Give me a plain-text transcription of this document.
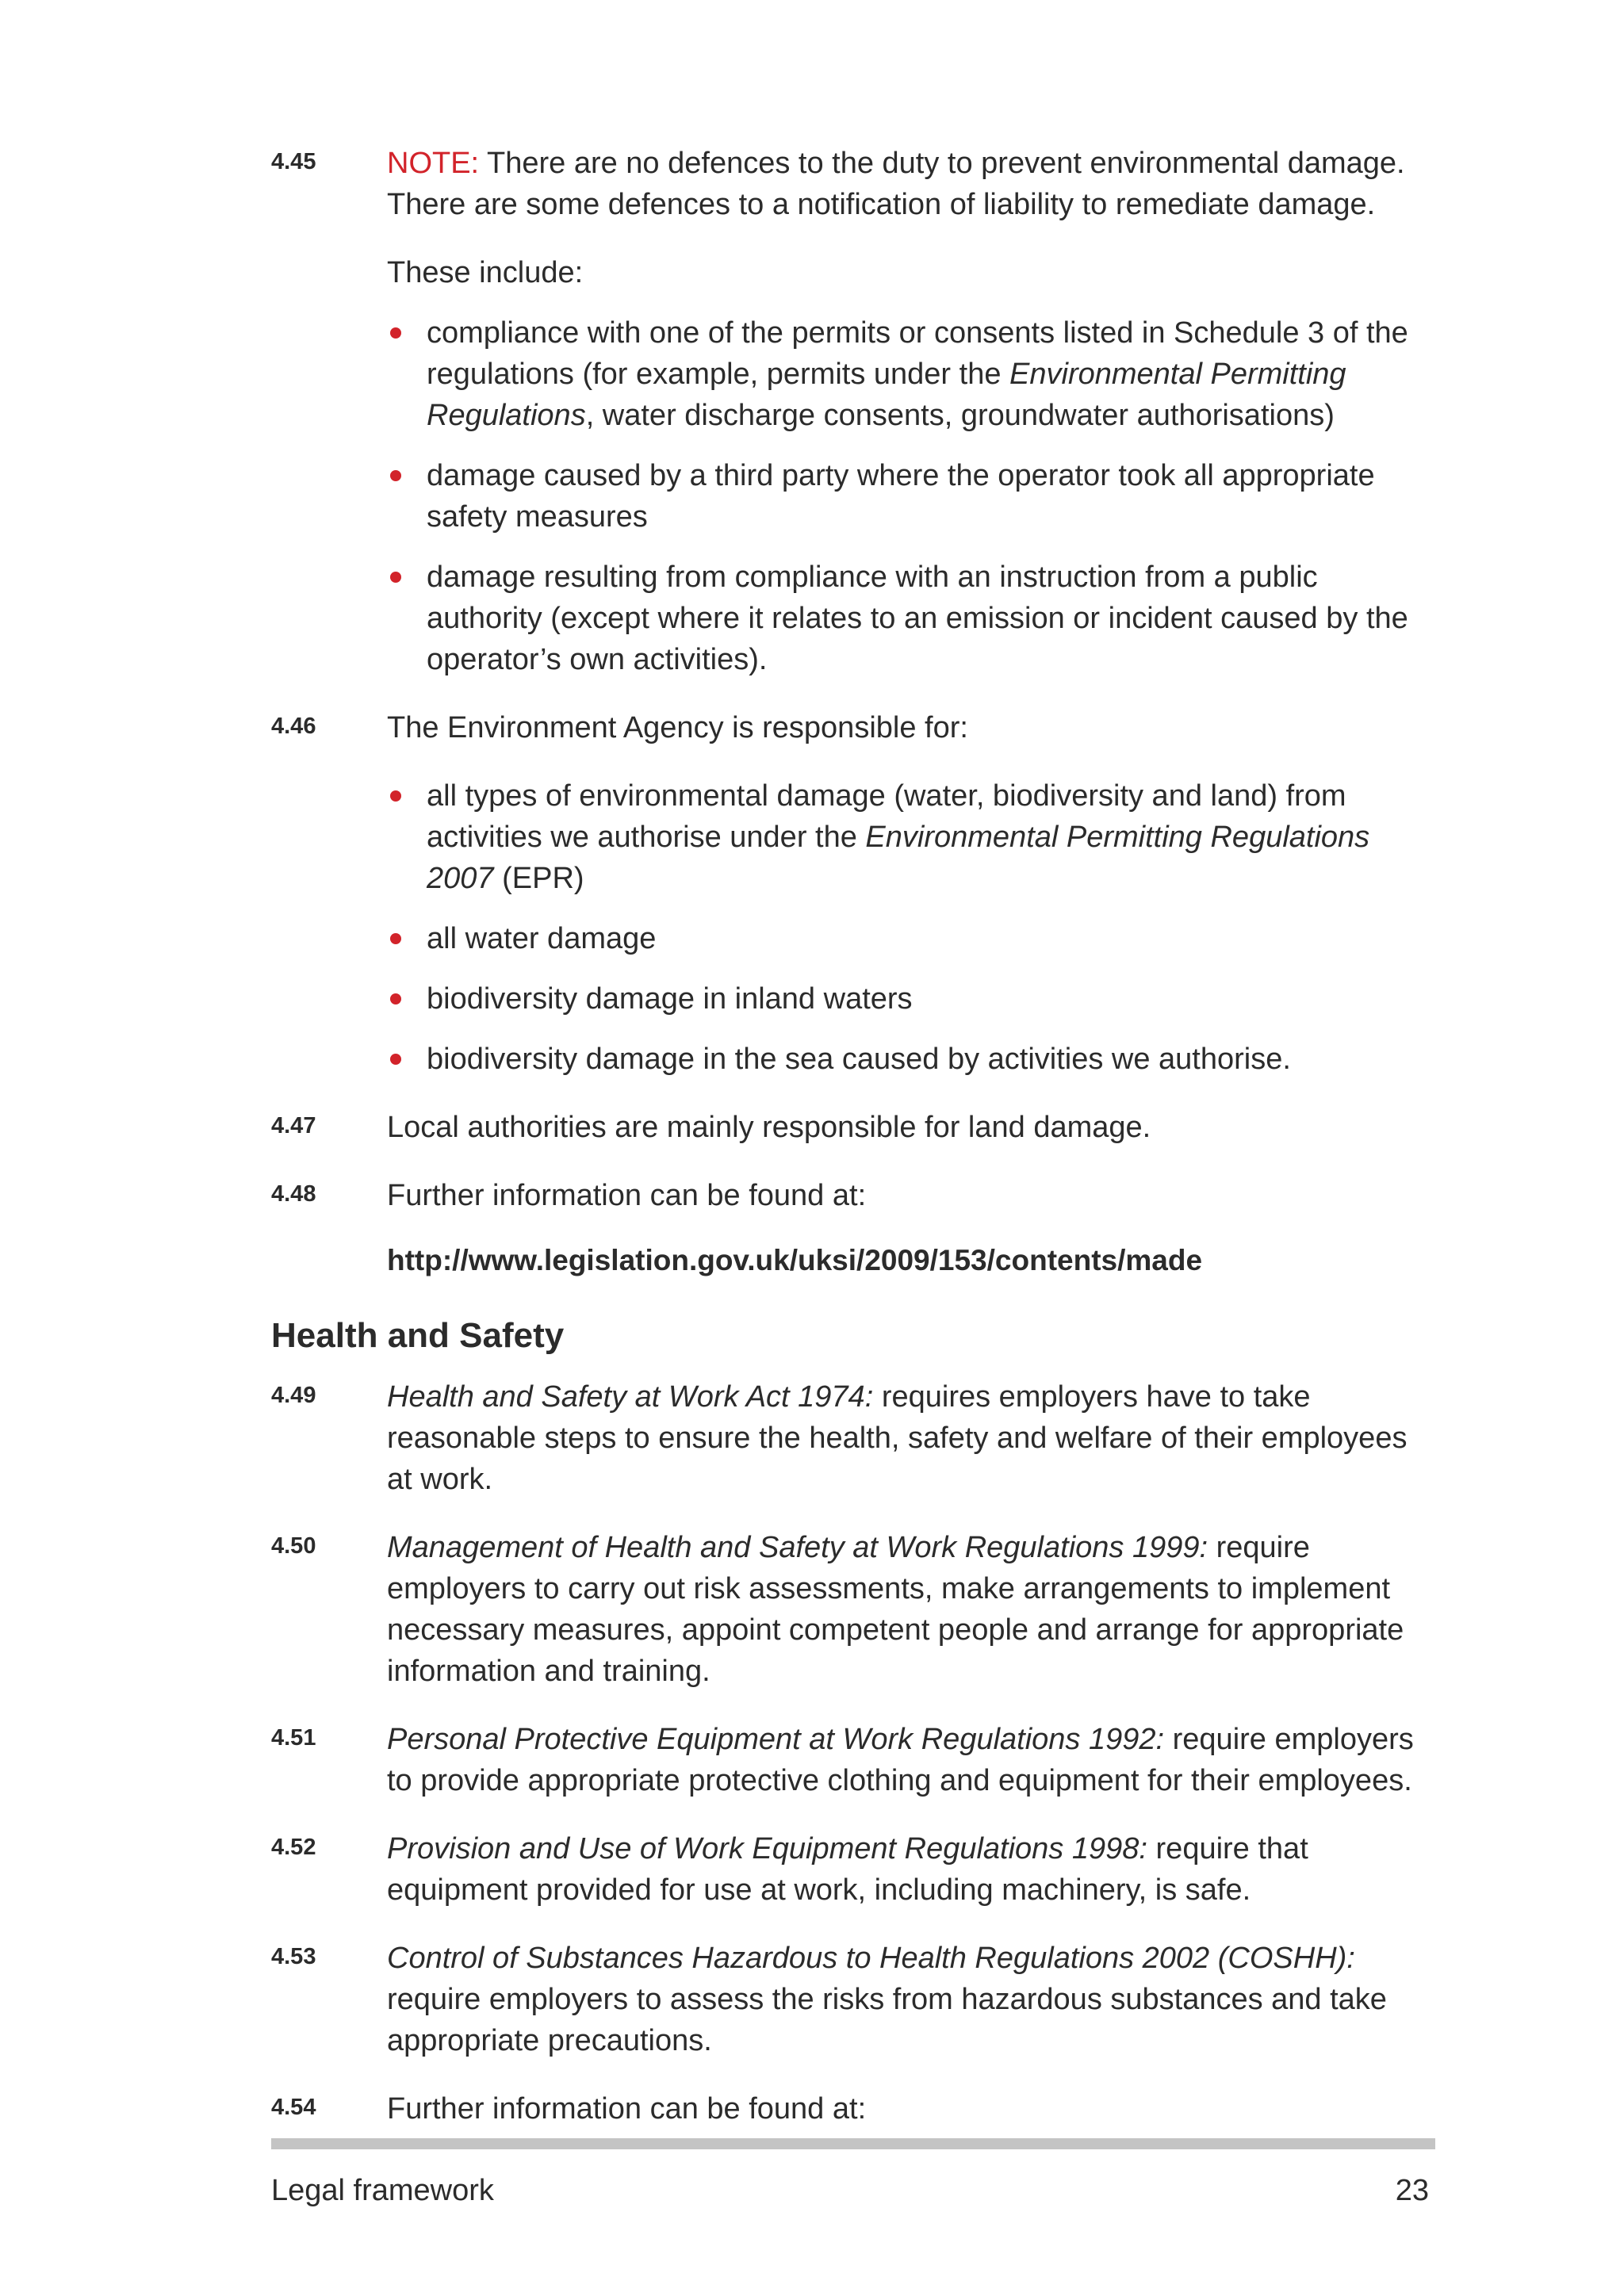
4.45	NOTE: There are no defences to the duty to prevent environmental damage. There are some defences to a notification of liability to remediate damage.
These include:
compliance with one of the permits or consents listed in Schedule 3 of the regulations (for example, permits under the Environmental Permitting Regulations, water discharge consents, groundwater authorisations)
damage caused by a third party where the operator took all appropriate safety measures
damage resulting from compliance with an instruction from a public authority (except where it relates to an emission or incident caused by the operator’s own activities).
4.46	The Environment Agency is responsible for:
all types of environmental damage (water, biodiversity and land) from activities we authorise under the Environmental Permitting Regulations 2007 (EPR)
all water damage
biodiversity damage in inland waters
biodiversity damage in the sea caused by activities we authorise.
4.47	Local authorities are mainly responsible for land damage.
4.48	Further information can be found at:
http://www.legislation.gov.uk/uksi/2009/153/contents/made
Health and Safety
4.49	Health and Safety at Work Act 1974: requires employers have to take reasonable steps to ensure the health, safety and welfare of their employees at work.
4.50	Management of Health and Safety at Work Regulations 1999: require employers to carry out risk assessments, make arrangements to implement necessary measures, appoint competent people and arrange for appropriate information and training.
4.51	Personal Protective Equipment at Work Regulations 1992: require employers to provide appropriate protective clothing and equipment for their employees.
4.52	Provision and Use of Work Equipment Regulations 1998: require that equipment provided for use at work, including machinery, is safe.
4.53	Control of Substances Hazardous to Health Regulations 2002 (COSHH): require employers to assess the risks from hazardous substances and take appropriate precautions.
4.54	Further information can be found at:
Legal framework	23
